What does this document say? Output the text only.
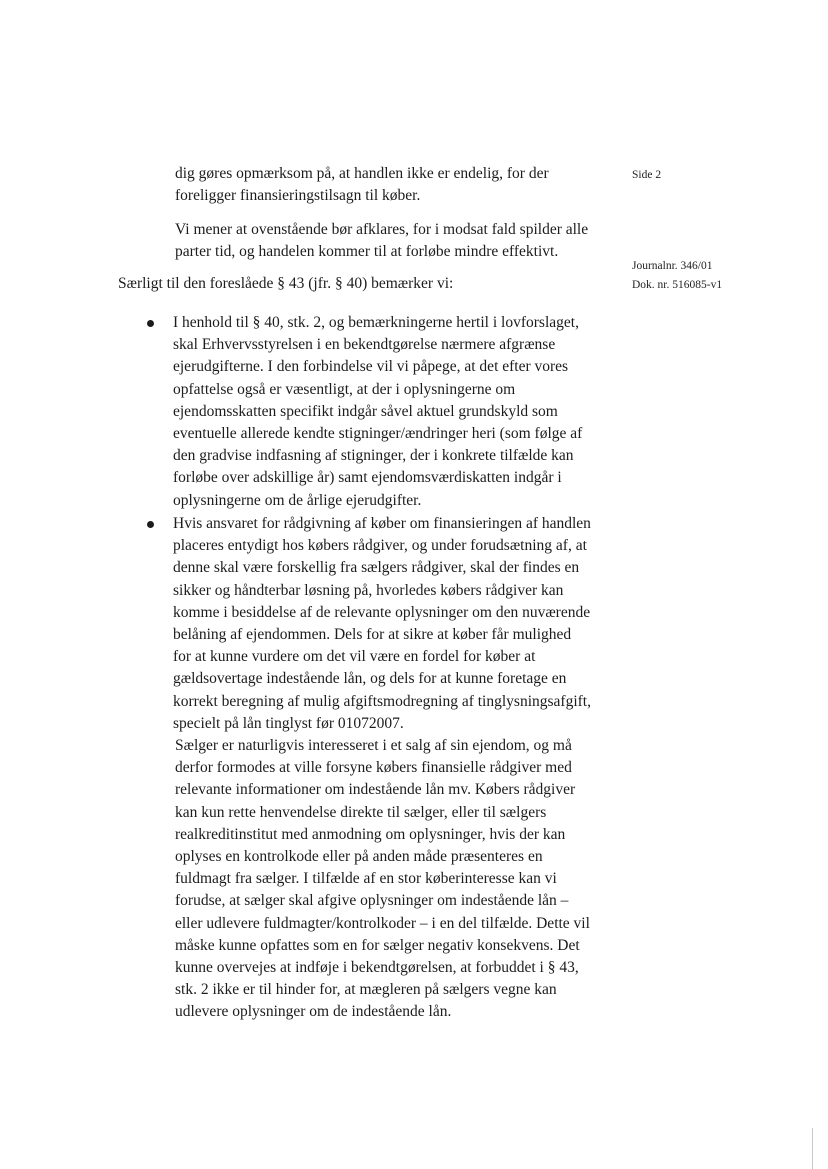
Side 2
Journalnr. 346/01
Dok. nr. 516085-v1

dig gøres opmærksom på, at handlen ikke er endelig, for der foreligger finansieringstilsagn til køber.

Vi mener at ovenstående bør afklares, for i modsat fald spilder alle parter tid, og handelen kommer til at forløbe mindre effektivt.

Særligt til den foreslåede § 43 (jfr. § 40) bemærker vi:

I henhold til § 40, stk. 2, og bemærkningerne hertil i lovforslaget, skal Erhvervsstyrelsen i en bekendtgørelse nærmere afgrænse ejerudgifterne. I den forbindelse vil vi påpege, at det efter vores opfattelse også er væsentligt, at der i oplysningerne om ejendomsskatten specifikt indgår såvel aktuel grundskyld som eventuelle allerede kendte stigninger/ændringer heri (som følge af den gradvise indfasning af stigninger, der i konkrete tilfælde kan forløbe over adskillige år) samt ejendomsværdiskatten indgår i oplysningerne om de årlige ejerudgifter.

Hvis ansvaret for rådgivning af køber om finansieringen af handlen placeres entydigt hos købers rådgiver, og under forudsætning af, at denne skal være forskellig fra sælgers rådgiver, skal der findes en sikker og håndterbar løsning på, hvorledes købers rådgiver kan komme i besiddelse af de relevante oplysninger om den nuværende belåning af ejendommen. Dels for at sikre at køber får mulighed for at kunne vurdere om det vil være en fordel for køber at gældsovertage indestående lån, og dels for at kunne foretage en korrekt beregning af mulig afgiftsmodregning af tinglysningsafgift, specielt på lån tinglyst før 01072007.

Sælger er naturligvis interesseret i et salg af sin ejendom, og må derfor formodes at ville forsyne købers finansielle rådgiver med relevante informationer om indestående lån mv. Købers rådgiver kan kun rette henvendelse direkte til sælger, eller til sælgers realkreditinstitut med anmodning om oplysninger, hvis der kan oplyses en kontrolkode eller på anden måde præsenteres en fuldmagt fra sælger. I tilfælde af en stor køberinteresse kan vi forudse, at sælger skal afgive oplysninger om indestående lån – eller udlevere fuldmagter/kontrolkoder – i en del tilfælde. Dette vil måske kunne opfattes som en for sælger negativ konsekvens. Det kunne overvejes at indføje i bekendtgørelsen, at forbuddet i § 43, stk. 2 ikke er til hinder for, at mægleren på sælgers vegne kan udlevere oplysninger om de indestående lån.
